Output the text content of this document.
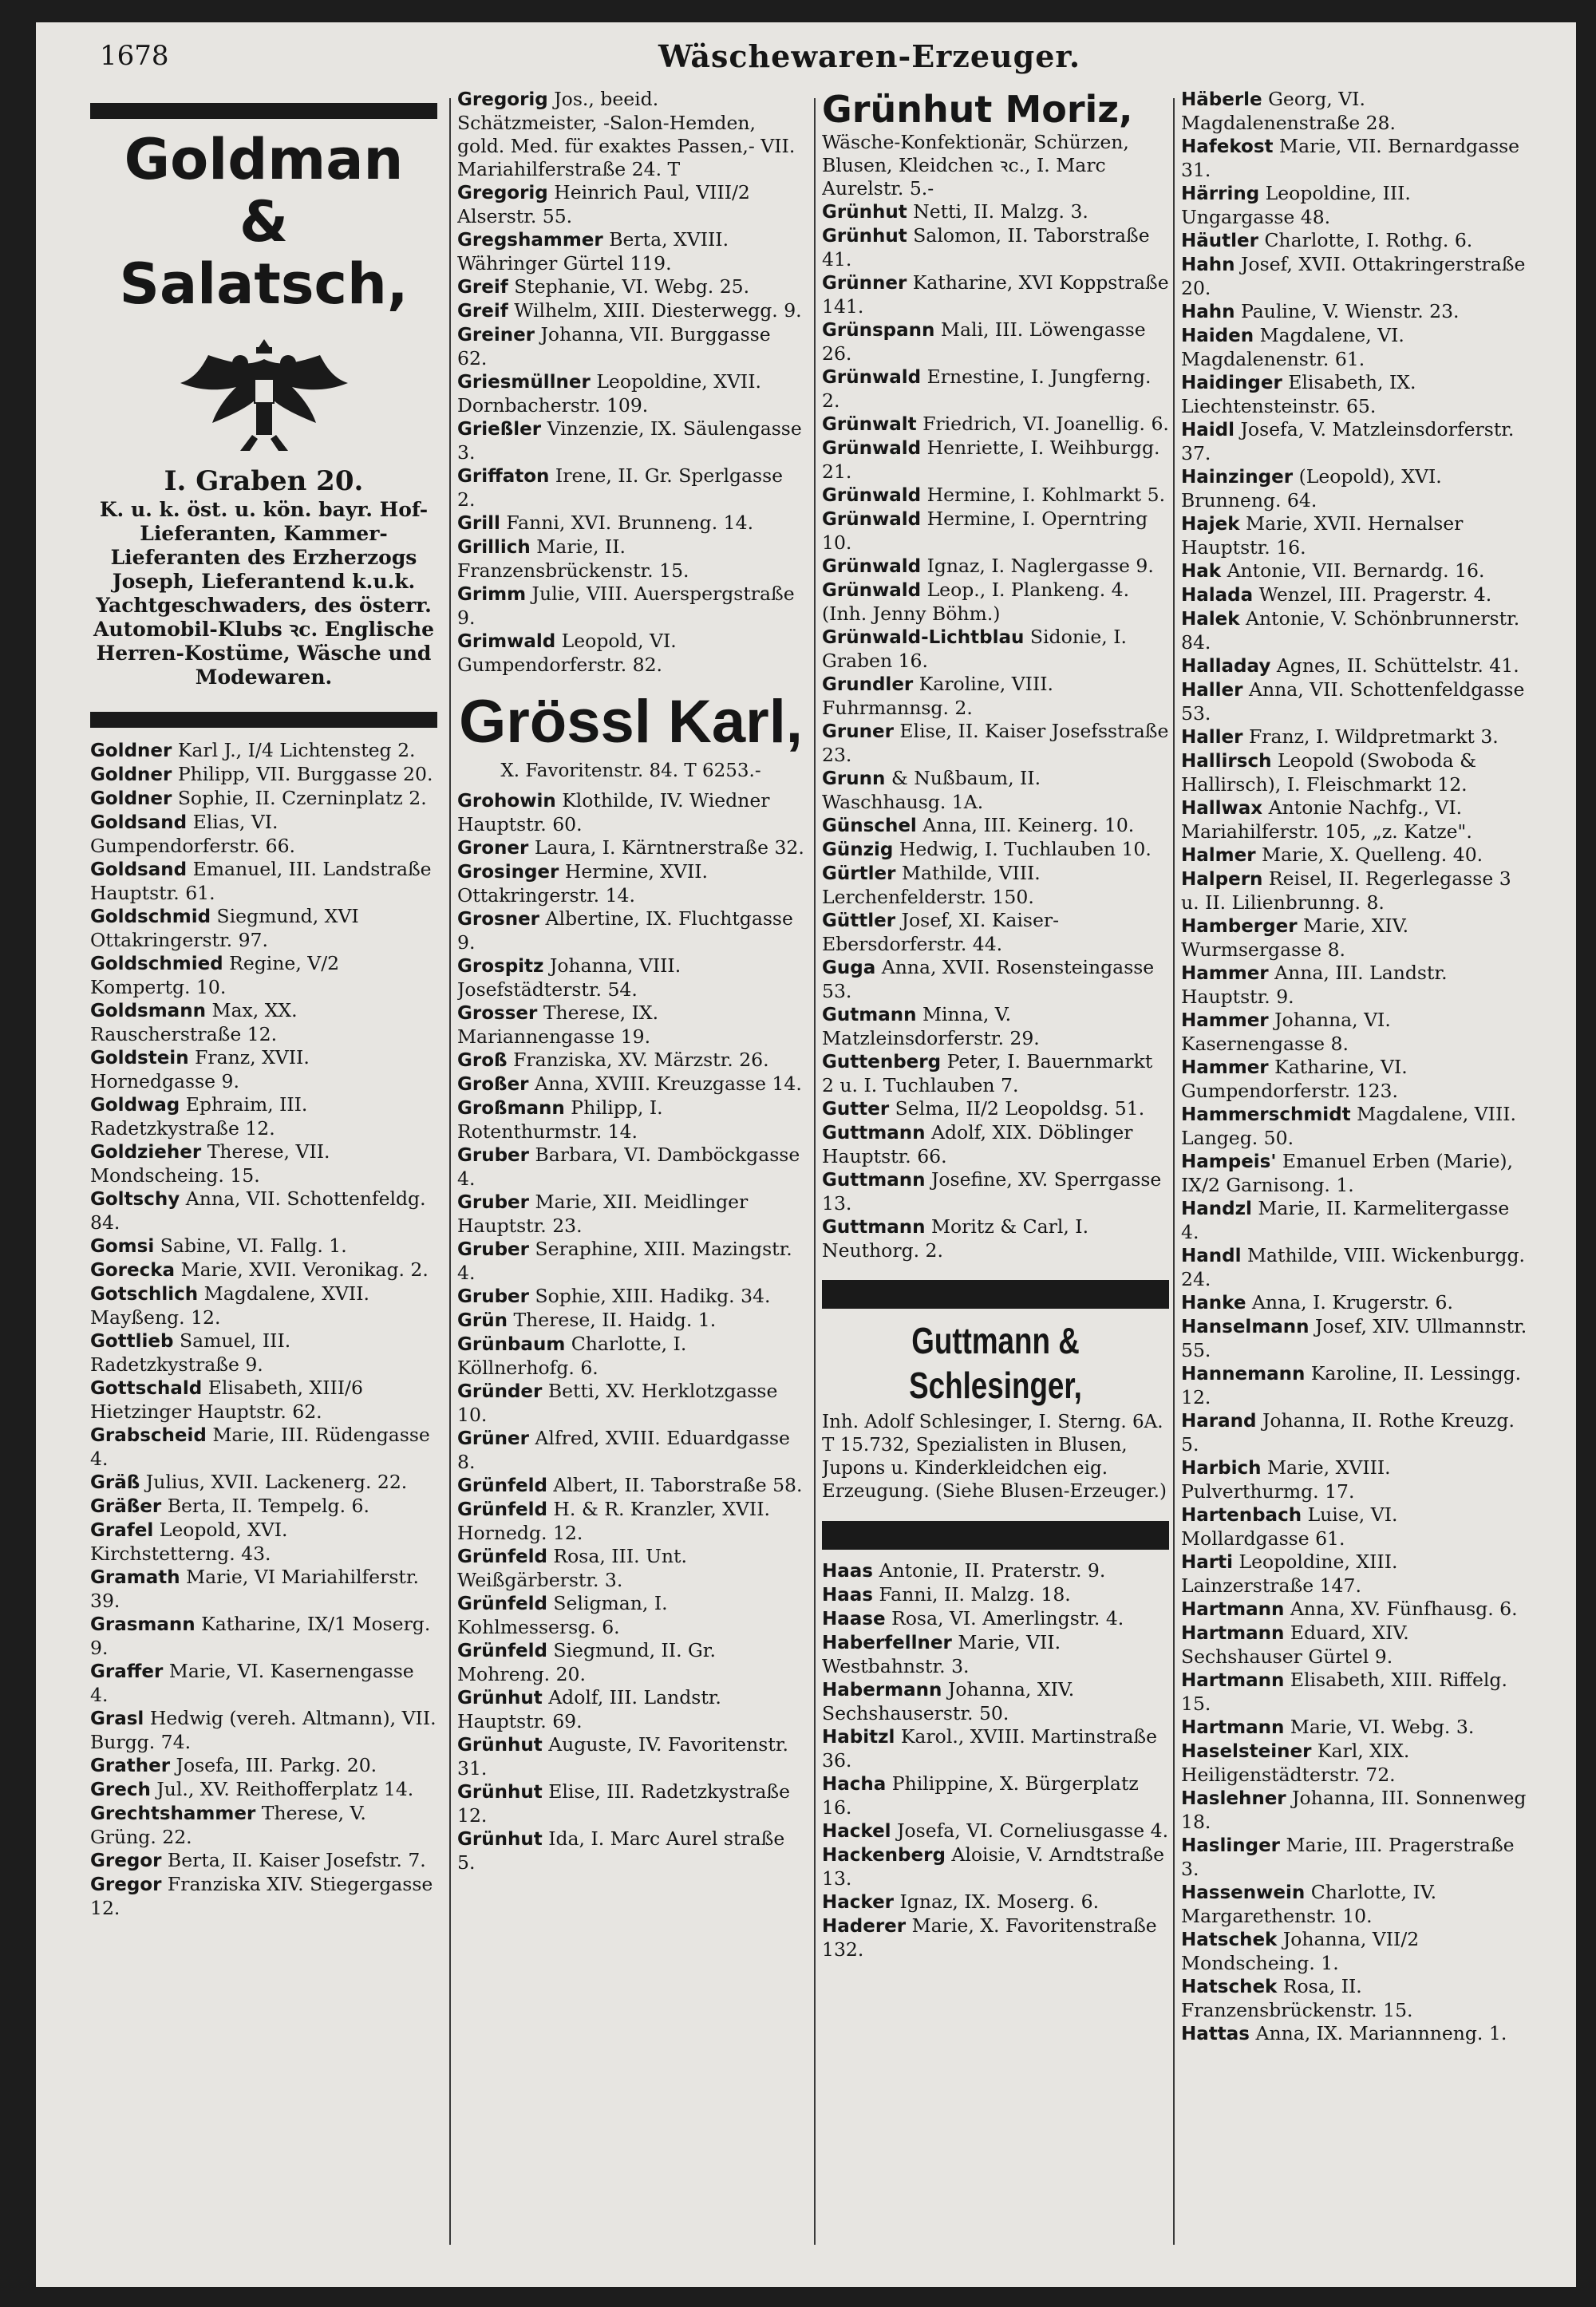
1678	Wäschewaren-Erzeuger.
Goldman & Salatsch,
I. Graben 20.
K. u. k. öst. u. kön. bayr. Hof-Lieferanten, Kammer-Lieferanten des Erzherzogs Joseph, Lieferantend k.u.k. Yachtgeschwaders, des österr. Automobil-Klubs ꝛc. Englische Herren-Kostüme, Wäsche und Modewaren.

Goldner Karl J., I/4 Lichtensteg 2.

Goldner Philipp, VII. Burggasse 20.

Goldner Sophie, II. Czerninplatz 2.

Goldsand Elias, VI. Gumpendorferstr. 66.

Goldsand Emanuel, III. Landstraße Hauptstr. 61.

Goldschmid Siegmund, XVI Ottakringerstr. 97.

Goldschmied Regine, V/2 Kompertg. 10.

Goldsmann Max, XX. Rauscherstraße 12.

Goldstein Franz, XVII. Hornedgasse 9.

Goldwag Ephraim, III. Radetzkystraße 12.

Goldzieher Therese, VII. Mondscheing. 15.

Goltschy Anna, VII. Schottenfeldg. 84.

Gomsi Sabine, VI. Fallg. 1.

Gorecka Marie, XVII. Veronikag. 2.

Gotschlich Magdalene, XVII. Mayßeng. 12.

Gottlieb Samuel, III. Radetzkystraße 9.

Gottschald Elisabeth, XIII/6 Hietzinger Hauptstr. 62.

Grabscheid Marie, III. Rüdengasse 4.

Gräß Julius, XVII. Lackenerg. 22.

Gräßer Berta, II. Tempelg. 6.

Grafel Leopold, XVI. Kirchstetterng. 43.

Gramath Marie, VI Mariahilferstr. 39.

Grasmann Katharine, IX/1 Moserg. 9.

Graffer Marie, VI. Kasernengasse 4.

Grasl Hedwig (vereh. Altmann), VII. Burgg. 74.

Grather Josefa, III. Parkg. 20.

Grech Jul., XV. Reithofferplatz 14.

Grechtshammer Therese, V. Grüng. 22.

Gregor Berta, II. Kaiser Josefstr. 7.

Gregor Franziska XIV. Stiegergasse 12.

Gregorig Jos., beeid. Schätzmeister, -Salon-Hemden, gold. Med. für exaktes Passen,- VII. Mariahilferstraße 24. T

Gregorig Heinrich Paul, VIII/2 Alserstr. 55.

Gregshammer Berta, XVIII. Währinger Gürtel 119.

Greif Stephanie, VI. Webg. 25.

Greif Wilhelm, XIII. Diesterwegg. 9.

Greiner Johanna, VII. Burggasse 62.

Griesmüllner Leopoldine, XVII. Dornbacherstr. 109.

Grießler Vinzenzie, IX. Säulengasse 3.

Griffaton Irene, II. Gr. Sperlgasse 2.

Grill Fanni, XVI. Brunneng. 14.

Grillich Marie, II. Franzensbrückenstr. 15.

Grimm Julie, VIII. Auerspergstraße 9.

Grimwald Leopold, VI. Gumpendorferstr. 82.

Grössl Karl,
X. Favoritenstr. 84. T 6253.-

Grohowin Klothilde, IV. Wiedner Hauptstr. 60.

Groner Laura, I. Kärntnerstraße 32.

Grosinger Hermine, XVII. Ottakringerstr. 14.

Grosner Albertine, IX. Fluchtgasse 9.

Grospitz Johanna, VIII. Josefstädterstr. 54.

Grosser Therese, IX. Mariannengasse 19.

Groß Franziska, XV. Märzstr. 26.

Großer Anna, XVIII. Kreuzgasse 14.

Großmann Philipp, I. Rotenthurmstr. 14.

Gruber Barbara, VI. Damböckgasse 4.

Gruber Marie, XII. Meidlinger Hauptstr. 23.

Gruber Seraphine, XIII. Mazingstr. 4.

Gruber Sophie, XIII. Hadikg. 34.

Grün Therese, II. Haidg. 1.

Grünbaum Charlotte, I. Köllnerhofg. 6.

Gründer Betti, XV. Herklotzgasse 10.

Grüner Alfred, XVIII. Eduardgasse 8.

Grünfeld Albert, II. Taborstraße 58.

Grünfeld H. & R. Kranzler, XVII. Hornedg. 12.

Grünfeld Rosa, III. Unt. Weißgärberstr. 3.

Grünfeld Seligman, I. Kohlmessersg. 6.

Grünfeld Siegmund, II. Gr. Mohreng. 20.

Grünhut Adolf, III. Landstr. Hauptstr. 69.

Grünhut Auguste, IV. Favoritenstr. 31.

Grünhut Elise, III. Radetzkystraße 12.

Grünhut Ida, I. Marc Aurel straße 5.

Grünhut Moriz,

Wäsche-Konfektionär, Schürzen, Blusen, Kleidchen ꝛc., I. Marc Aurelstr. 5.-

Grünhut Netti, II. Malzg. 3.

Grünhut Salomon, II. Taborstraße 41.

Grünner Katharine, XVI Koppstraße 141.

Grünspann Mali, III. Löwengasse 26.

Grünwald Ernestine, I. Jungferng. 2.

Grünwalt Friedrich, VI. Joanellig. 6.

Grünwald Henriette, I. Weihburgg. 21.

Grünwald Hermine, I. Kohlmarkt 5.

Grünwald Hermine, I. Operntring 10.

Grünwald Ignaz, I. Naglergasse 9.

Grünwald Leop., I. Plankeng. 4. (Inh. Jenny Böhm.)

Grünwald-Lichtblau Sidonie, I. Graben 16.

Grundler Karoline, VIII. Fuhrmannsg. 2.

Gruner Elise, II. Kaiser Josefsstraße 23.

Grunn & Nußbaum, II. Waschhausg. 1A.

Günschel Anna, III. Keinerg. 10.

Günzig Hedwig, I. Tuchlauben 10.

Gürtler Mathilde, VIII. Lerchenfelderstr. 150.

Güttler Josef, XI. Kaiser-Ebersdorferstr. 44.

Guga Anna, XVII. Rosensteingasse 53.

Gutmann Minna, V. Matzleinsdorferstr. 29.

Guttenberg Peter, I. Bauernmarkt 2 u. I. Tuchlauben 7.

Gutter Selma, II/2 Leopoldsg. 51.

Guttmann Adolf, XIX. Döblinger Hauptstr. 66.

Guttmann Josefine, XV. Sperrgasse 13.

Guttmann Moritz & Carl, I. Neuthorg. 2.

Guttmann & Schlesinger,

Inh. Adolf Schlesinger, I. Sterng. 6A. T 15.732, Spezialisten in Blusen, Jupons u. Kinderkleidchen eig. Erzeugung. (Siehe Blusen-Erzeuger.)

Haas Antonie, II. Praterstr. 9.

Haas Fanni, II. Malzg. 18.

Haase Rosa, VI. Amerlingstr. 4.

Haberfellner Marie, VII. Westbahnstr. 3.

Habermann Johanna, XIV. Sechshauserstr. 50.

Habitzl Karol., XVIII. Martinstraße 36.

Hacha Philippine, X. Bürgerplatz 16.

Hackel Josefa, VI. Corneliusgasse 4.

Hackenberg Aloisie, V. Arndtstraße 13.

Hacker Ignaz, IX. Moserg. 6.

Haderer Marie, X. Favoritenstraße 132.

Häberle Georg, VI. Magdalenenstraße 28.

Hafekost Marie, VII. Bernardgasse 31.

Härring Leopoldine, III. Ungargasse 48.

Häutler Charlotte, I. Rothg. 6.

Hahn Josef, XVII. Ottakringerstraße 20.

Hahn Pauline, V. Wienstr. 23.

Haiden Magdalene, VI. Magdalenenstr. 61.

Haidinger Elisabeth, IX. Liechtensteinstr. 65.

Haidl Josefa, V. Matzleinsdorferstr. 37.

Hainzinger (Leopold), XVI. Brunneng. 64.

Hajek Marie, XVII. Hernalser Hauptstr. 16.

Hak Antonie, VII. Bernardg. 16.

Halada Wenzel, III. Pragerstr. 4.

Halek Antonie, V. Schönbrunnerstr. 84.

Halladay Agnes, II. Schüttelstr. 41.

Haller Anna, VII. Schottenfeldgasse 53.

Haller Franz, I. Wildpretmarkt 3.

Hallirsch Leopold (Swoboda & Hallirsch), I. Fleischmarkt 12.

Hallwax Antonie Nachfg., VI. Mariahilferstr. 105, „z. Katze".

Halmer Marie, X. Quelleng. 40.

Halpern Reisel, II. Regerlegasse 3 u. II. Lilienbrunng. 8.

Hamberger Marie, XIV. Wurmsergasse 8.

Hammer Anna, III. Landstr. Hauptstr. 9.

Hammer Johanna, VI. Kasernengasse 8.

Hammer Katharine, VI. Gumpendorferstr. 123.

Hammerschmidt Magdalene, VIII. Langeg. 50.

Hampeis' Emanuel Erben (Marie), IX/2 Garnisong. 1.

Handzl Marie, II. Karmelitergasse 4.

Handl Mathilde, VIII. Wickenburgg. 24.

Hanke Anna, I. Krugerstr. 6.

Hanselmann Josef, XIV. Ullmannstr. 55.

Hannemann Karoline, II. Lessingg. 12.

Harand Johanna, II. Rothe Kreuzg. 5.

Harbich Marie, XVIII. Pulverthurmg. 17.

Hartenbach Luise, VI. Mollardgasse 61.

Harti Leopoldine, XIII. Lainzerstraße 147.

Hartmann Anna, XV. Fünfhausg. 6.

Hartmann Eduard, XIV. Sechshauser Gürtel 9.

Hartmann Elisabeth, XIII. Riffelg. 15.

Hartmann Marie, VI. Webg. 3.

Haselsteiner Karl, XIX. Heiligenstädterstr. 72.

Haslehner Johanna, III. Sonnenweg 18.

Haslinger Marie, III. Pragerstraße 3.

Hassenwein Charlotte, IV. Margarethenstr. 10.

Hatschek Johanna, VII/2 Mondscheing. 1.

Hatschek Rosa, II. Franzensbrückenstr. 15.

Hattas Anna, IX. Mariannneng. 1.
